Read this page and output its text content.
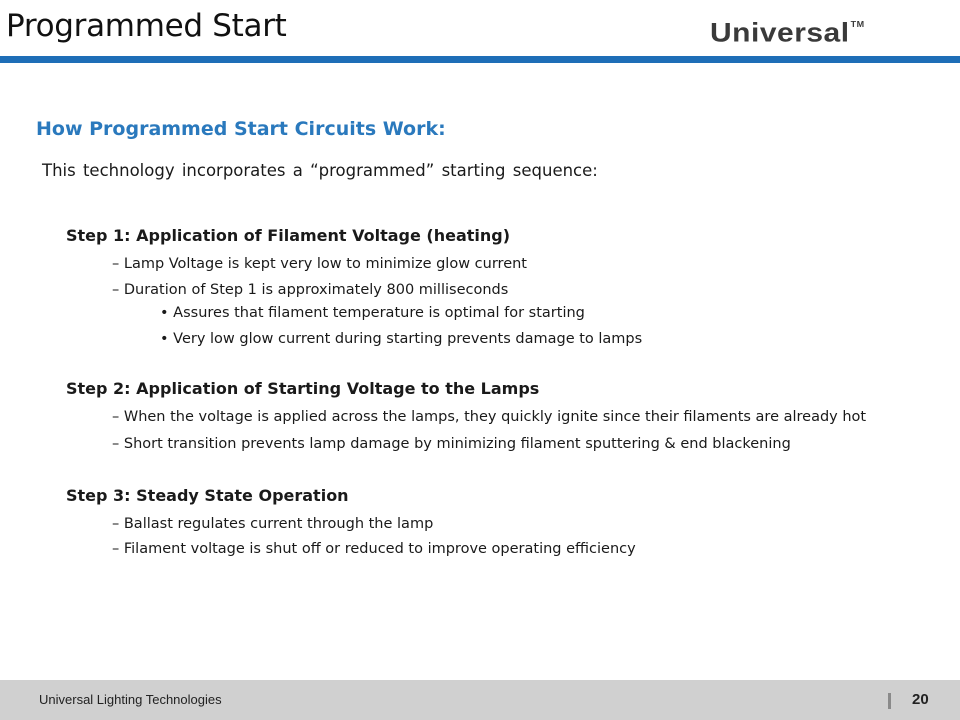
Programmed Start	Universal™
How Programmed Start Circuits Work:
This technology incorporates a “programmed” starting sequence:
Step 1: Application of Filament Voltage (heating)
– Lamp Voltage is kept very low to minimize glow current
– Duration of Step 1 is approximately 800 milliseconds
• Assures that filament temperature is optimal for starting
• Very low glow current during starting prevents damage to lamps
Step 2: Application of Starting Voltage to the Lamps
– When the voltage is applied across the lamps, they quickly ignite since their filaments are already hot
– Short transition prevents lamp damage by minimizing filament sputtering & end blackening
Step 3: Steady State Operation
– Ballast regulates current through the lamp
– Filament voltage is shut off or reduced to improve operating efficiency
Universal Lighting Technologies	20
